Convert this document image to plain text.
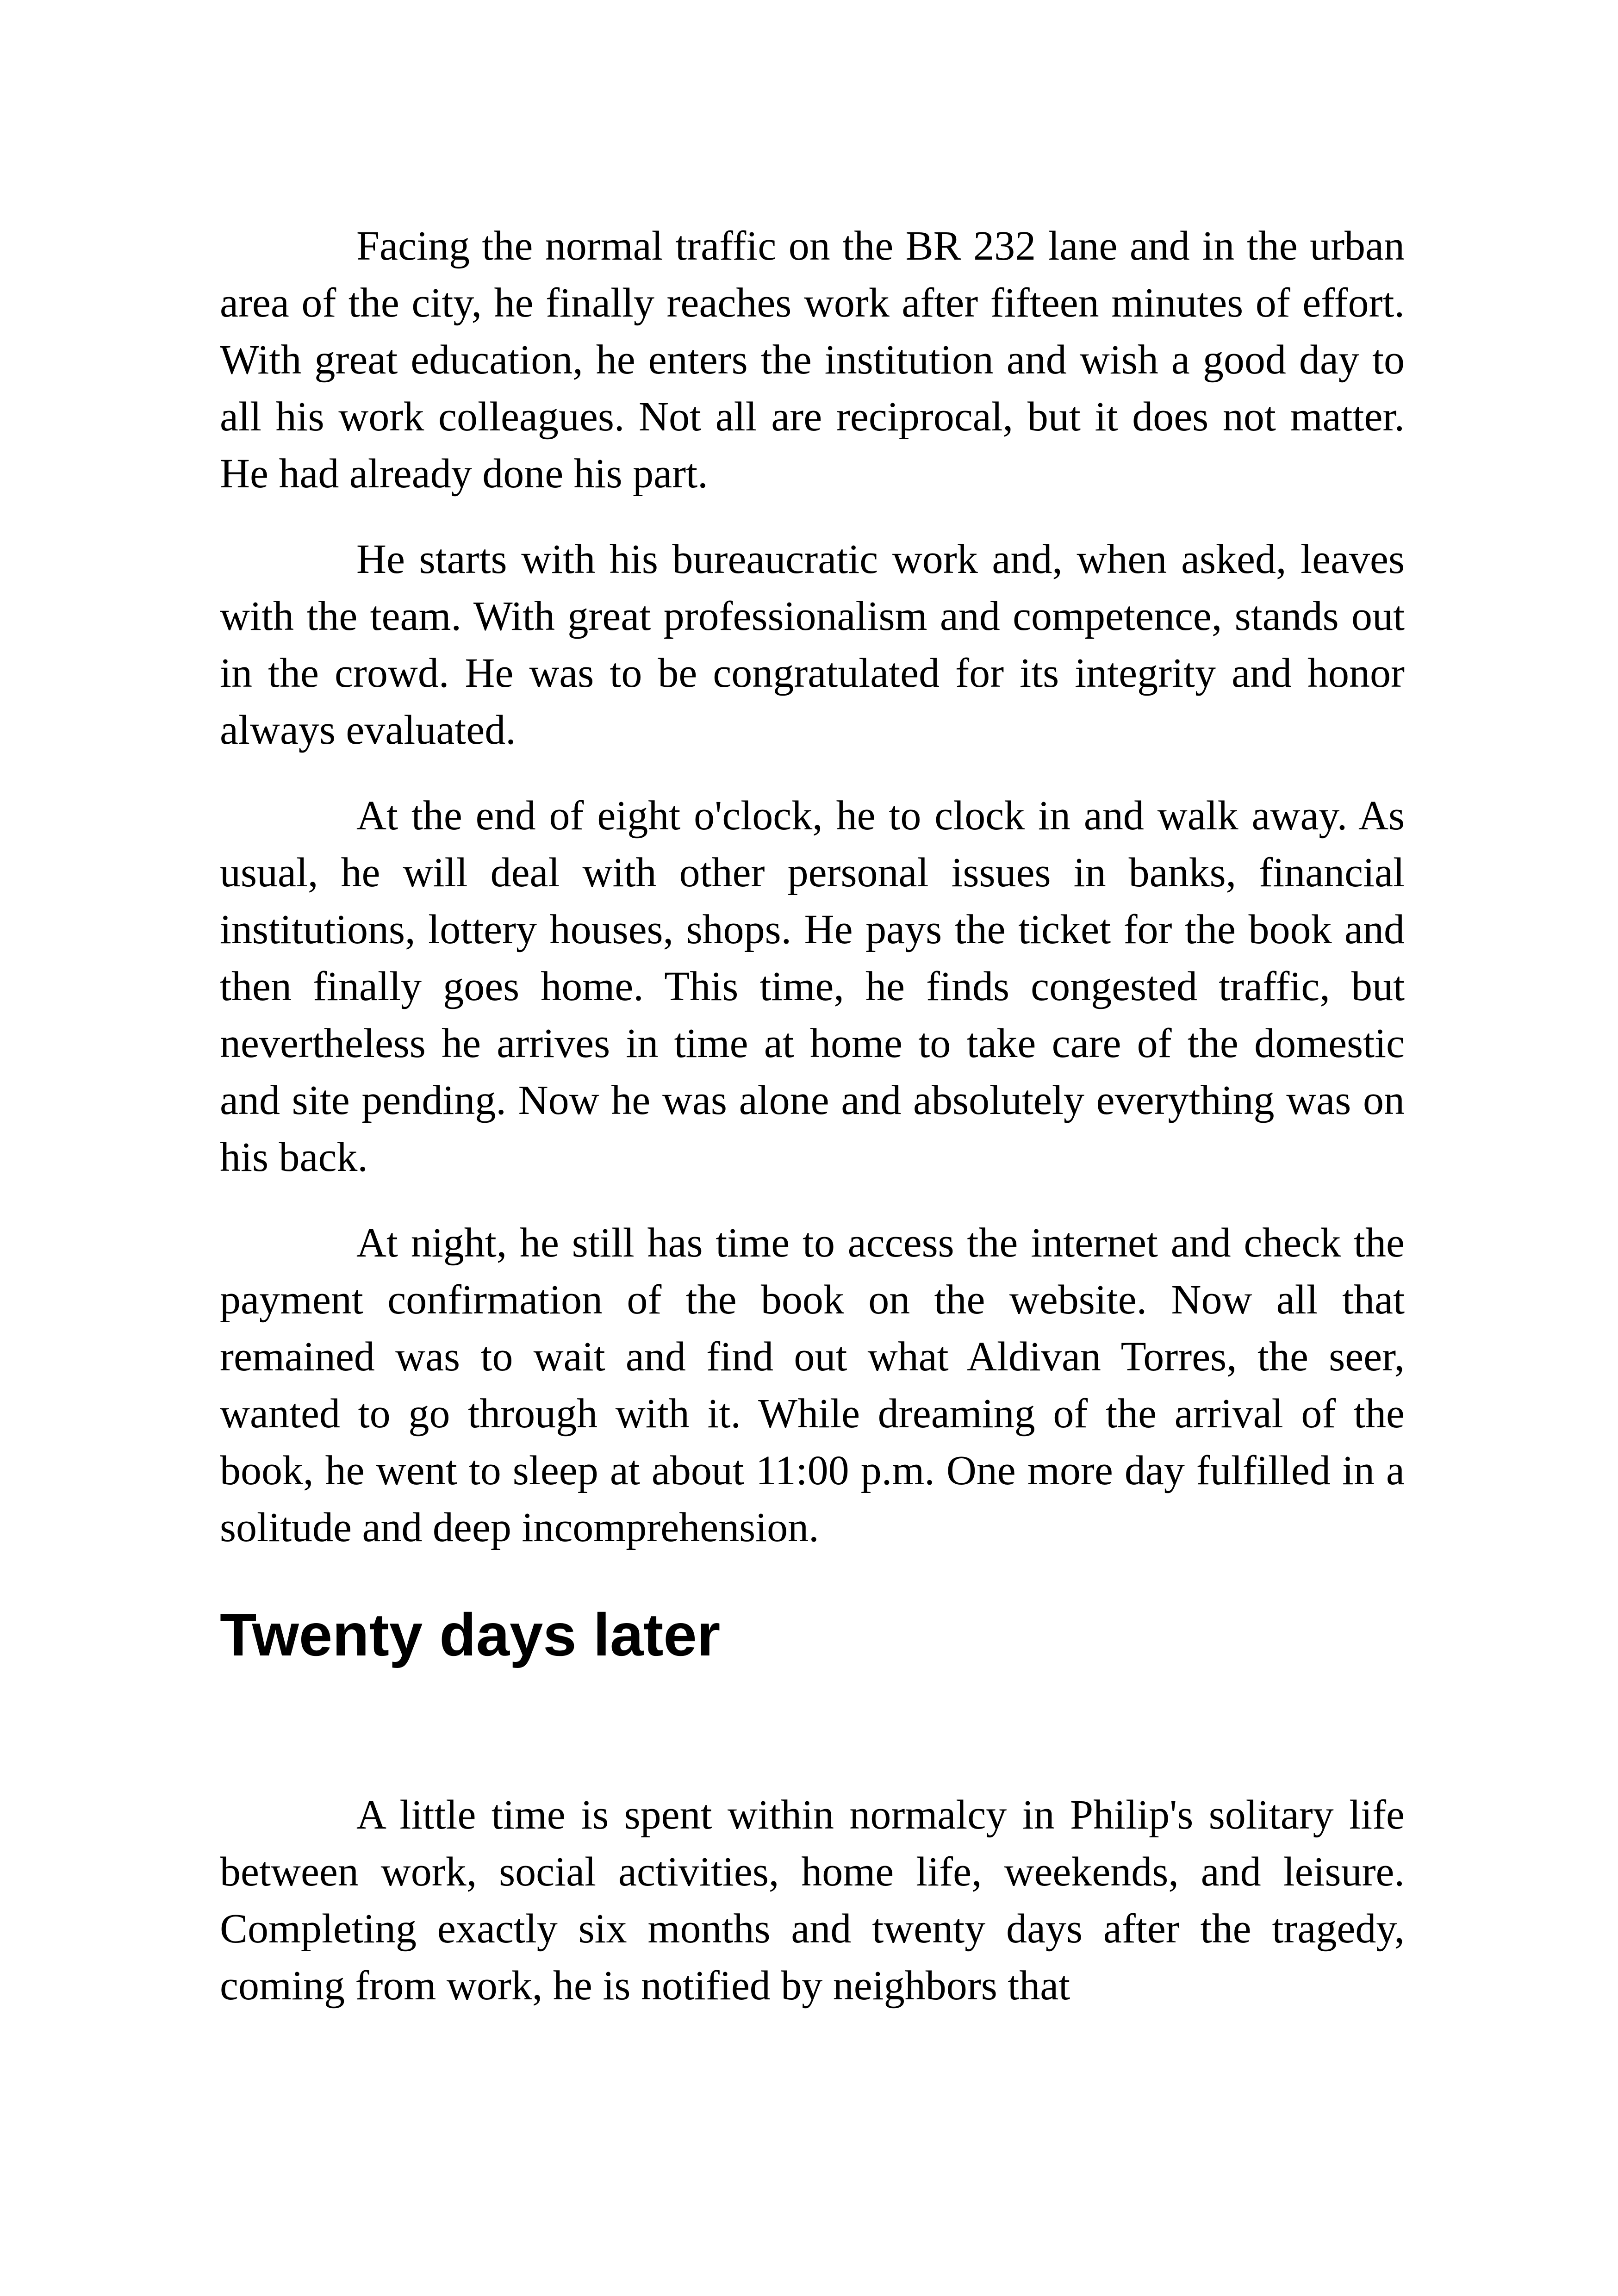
Facing the normal traffic on the BR 232 lane and in the urban area of the city, he finally reaches work after fifteen minutes of effort. With great education, he enters the institution and wish a good day to all his work colleagues. Not all are reciprocal, but it does not matter. He had already done his part.

He starts with his bureaucratic work and, when asked, leaves with the team. With great professionalism and competence, stands out in the crowd. He was to be congratulated for its integrity and honor always evaluated.

At the end of eight o'clock, he to clock in and walk away. As usual, he will deal with other personal issues in banks, financial institutions, lottery houses, shops. He pays the ticket for the book and then finally goes home. This time, he finds congested traffic, but nevertheless he arrives in time at home to take care of the domestic and site pending. Now he was alone and absolutely everything was on his back.

At night, he still has time to access the internet and check the payment confirmation of the book on the website. Now all that remained was to wait and find out what Aldivan Torres, the seer, wanted to go through with it. While dreaming of the arrival of the book, he went to sleep at about 11:00 p.m. One more day fulfilled in a solitude and deep incomprehension.

Twenty days later

A little time is spent within normalcy in Philip's solitary life between work, social activities, home life, weekends, and leisure. Completing exactly six months and twenty days after the tragedy, coming from work, he is notified by neighbors that
